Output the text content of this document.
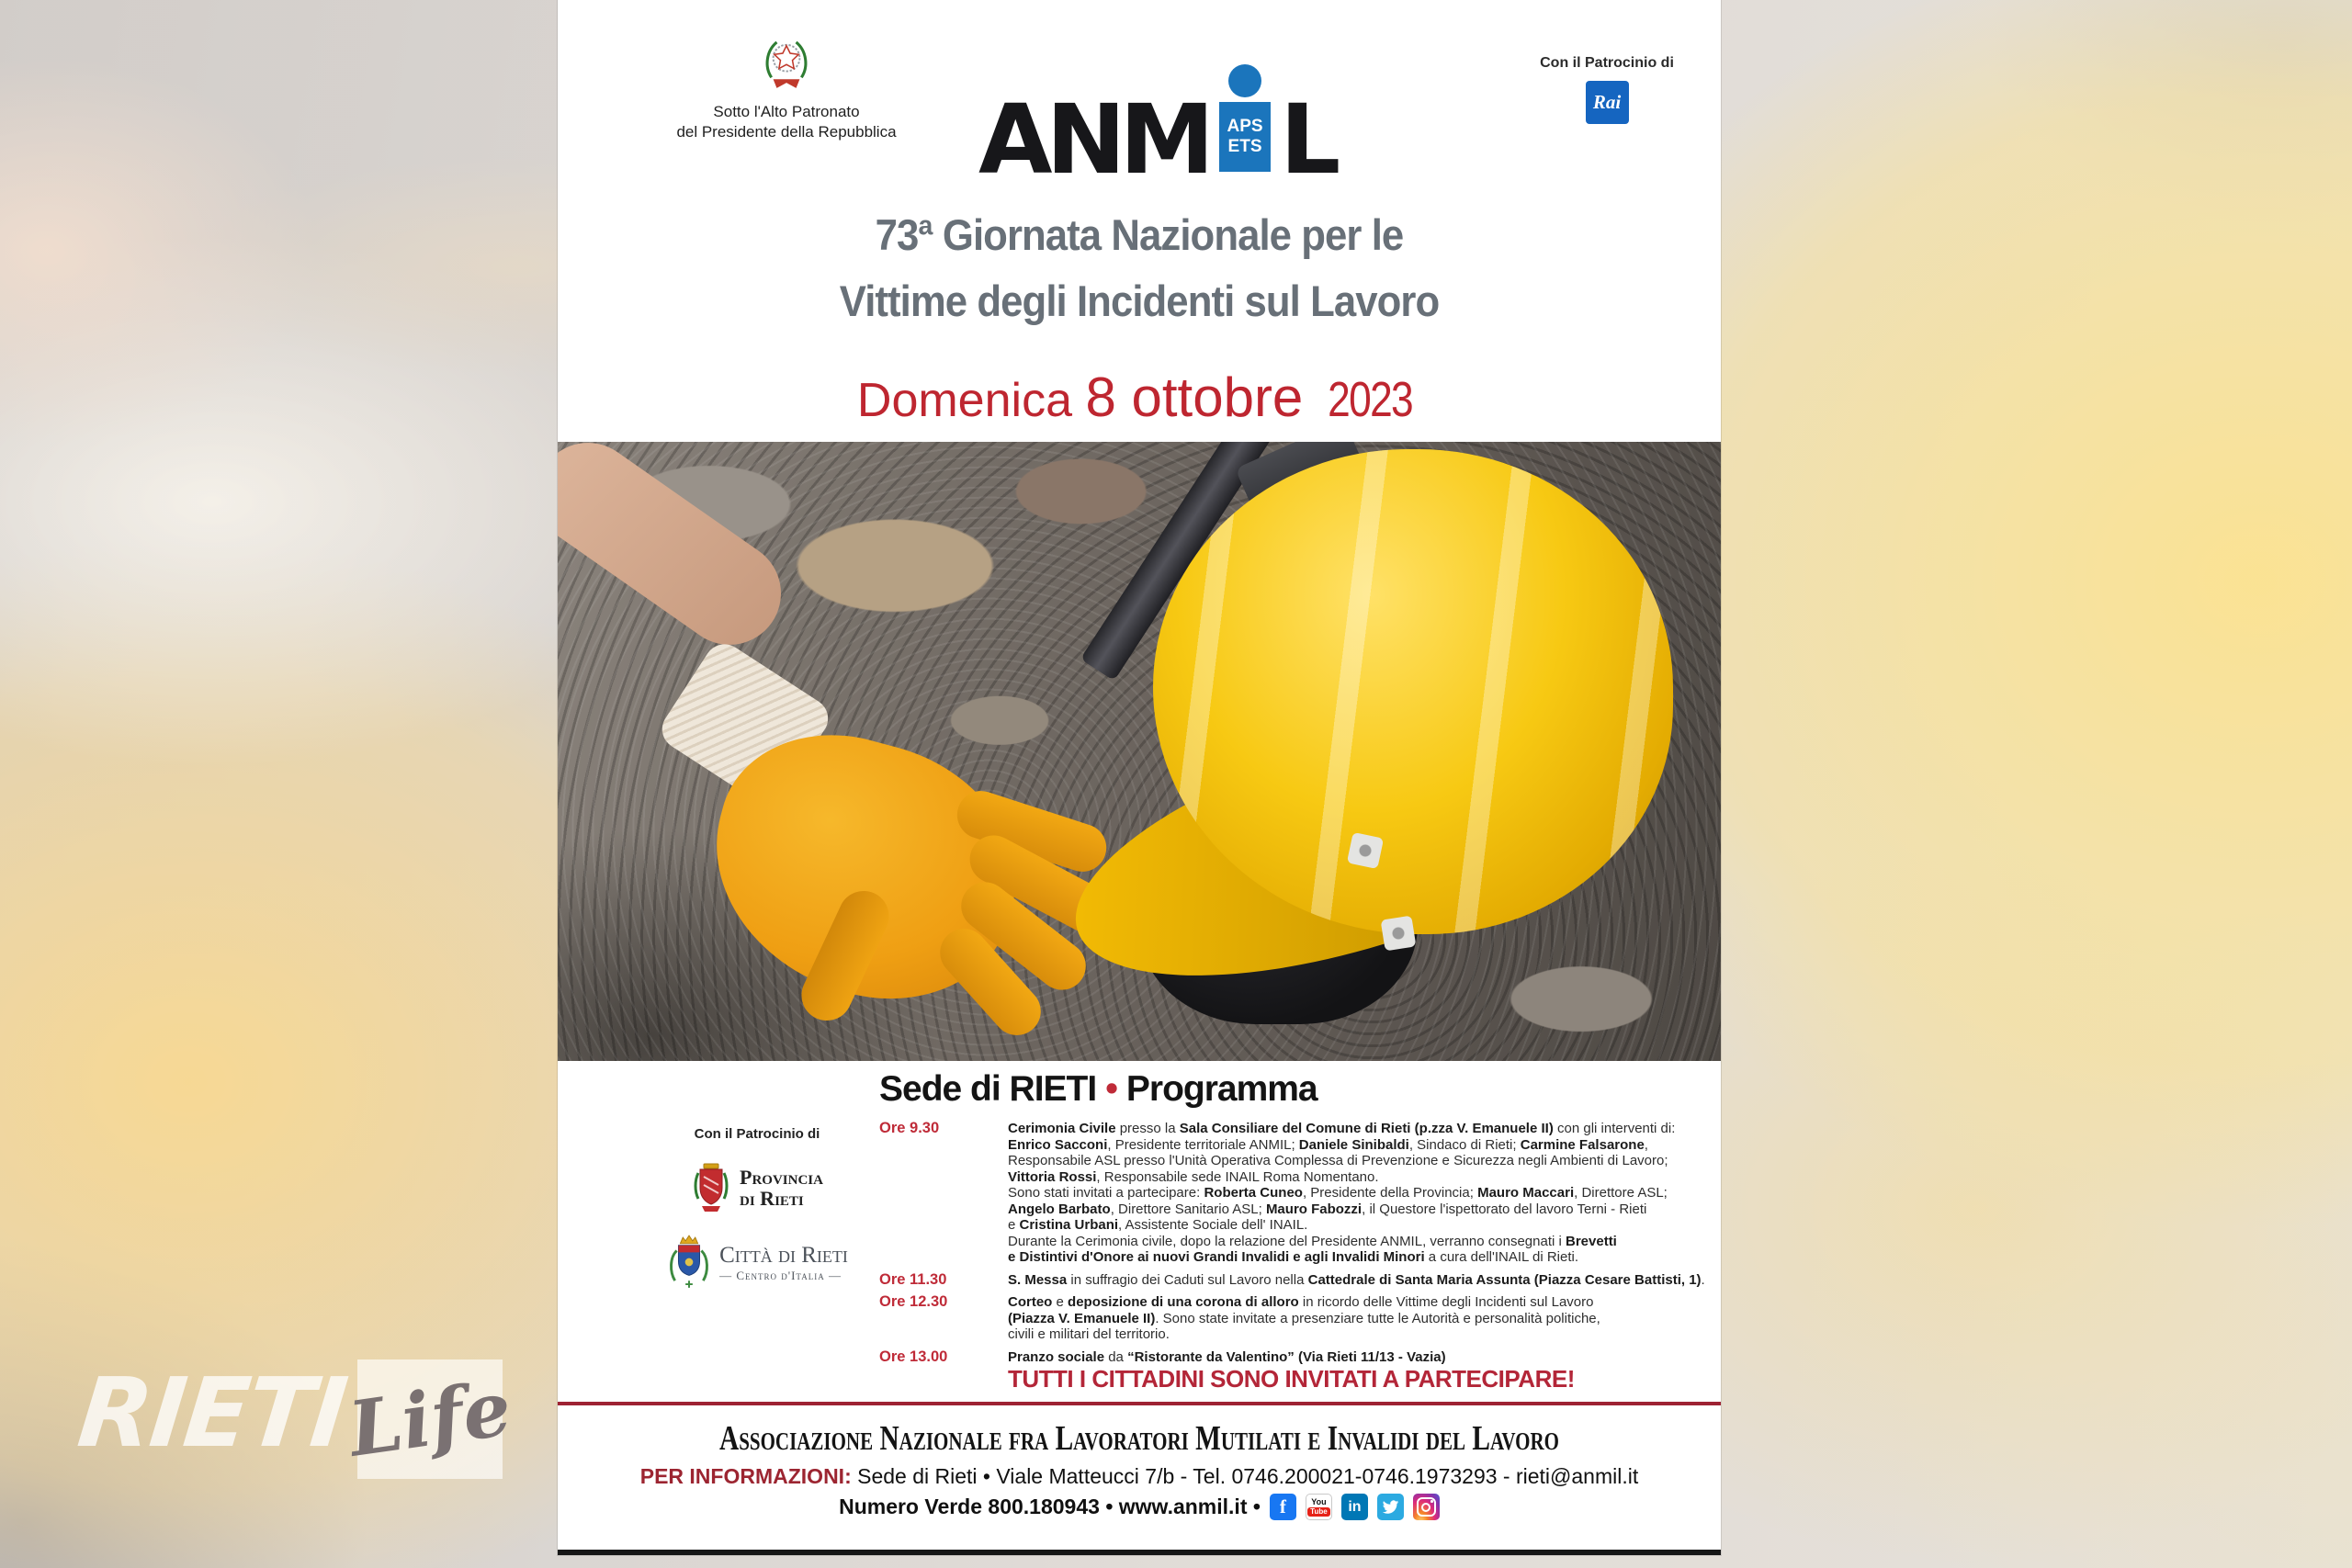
RIETI
Life
Sotto l'Alto Patronato
del Presidente della Repubblica ANM APS
ETS L
Con il Patrocinio di
Rai
73ª Giornata Nazionale per le
Vittime degli Incidenti sul Lavoro
Domenica 8 ottobre 2023
Sede di RIETI • Programma
Con il Patrocinio di
Provincia
di Rieti
Città di Rieti
— Centro d'Italia —
Ore 9.30	Cerimonia Civile presso la Sala Consiliare del Comune di Rieti (p.zza V. Emanuele II) con gli interventi di:
Enrico Sacconi, Presidente territoriale ANMIL; Daniele Sinibaldi, Sindaco di Rieti; Carmine Falsarone,
Responsabile ASL presso l'Unità Operativa Complessa di Prevenzione e Sicurezza negli Ambienti di Lavoro;
Vittoria Rossi, Responsabile sede INAIL Roma Nomentano.
Sono stati invitati a partecipare: Roberta Cuneo, Presidente della Provincia; Mauro Maccari, Direttore ASL;
Angelo Barbato, Direttore Sanitario ASL; Mauro Fabozzi, il Questore l'ispettorato del lavoro Terni - Rieti
e Cristina Urbani, Assistente Sociale dell' INAIL.
Durante la Cerimonia civile, dopo la relazione del Presidente ANMIL, verranno consegnati i Brevetti
e Distintivi d'Onore ai nuovi Grandi Invalidi e agli Invalidi Minori a cura dell'INAIL di Rieti.
Ore 11.30	S. Messa in suffragio dei Caduti sul Lavoro nella Cattedrale di Santa Maria Assunta (Piazza Cesare Battisti, 1).
Ore 12.30	Corteo e deposizione di una corona di alloro in ricordo delle Vittime degli Incidenti sul Lavoro
(Piazza V. Emanuele II). Sono state invitate a presenziare tutte le Autorità e personalità politiche,
civili e militari del territorio.
Ore 13.00	Pranzo sociale da “Ristorante da Valentino” (Via Rieti 11/13 - Vazia)
TUTTI I CITTADINI SONO INVITATI A PARTECIPARE!
Associazione Nazionale fra Lavoratori Mutilati e Invalidi del Lavoro
PER INFORMAZIONI: Sede di Rieti • Viale Matteucci 7/b - Tel. 0746.200021-0746.1973293 - rieti@anmil.it
Numero Verde 800.180943 • www.anmil.it •	f	You
Tube	in
